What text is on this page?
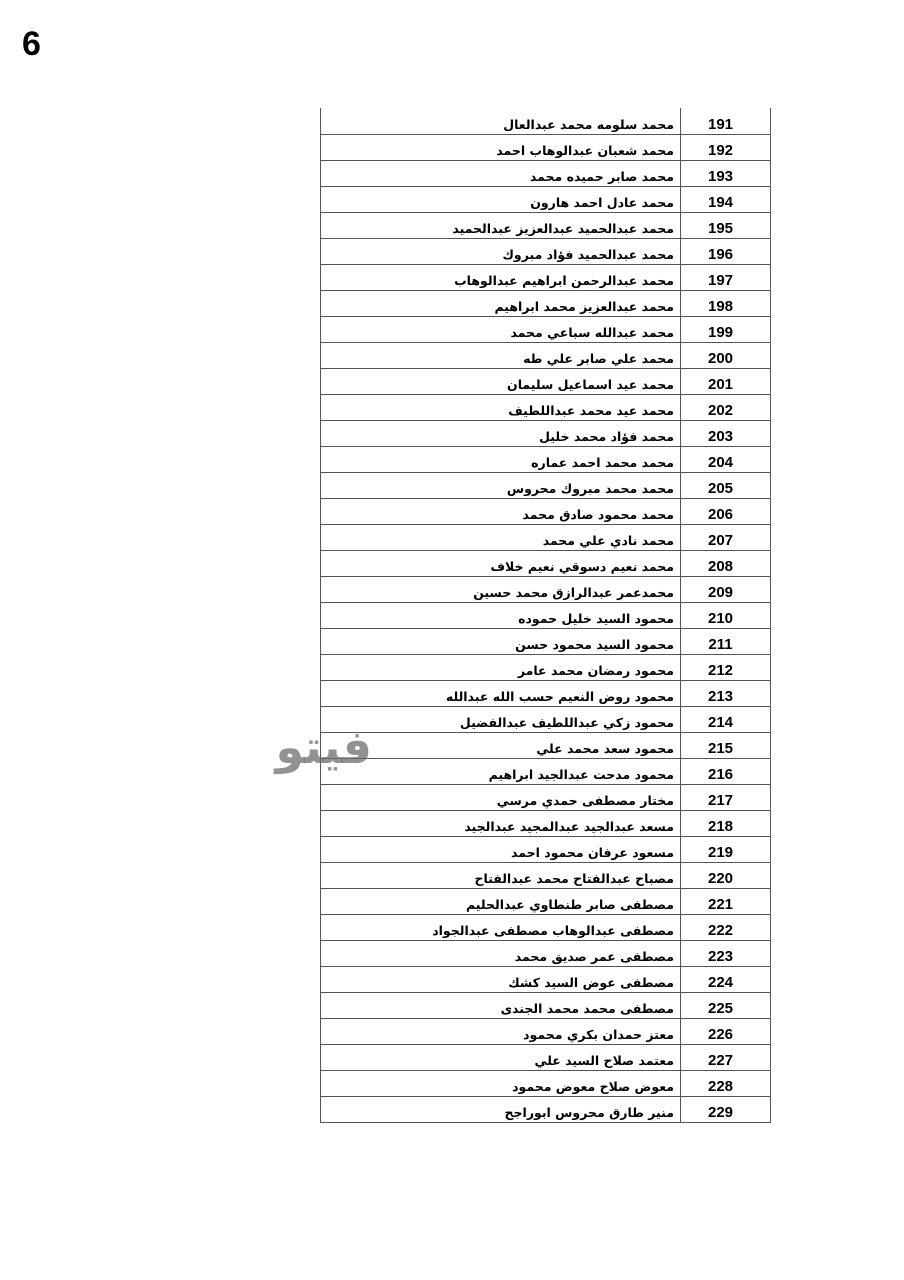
6
محمد سلومه محمد عبدالعال	191
محمد شعبان عبدالوهاب احمد	192
محمد صابر حميده محمد	193
محمد عادل احمد هارون	194
محمد عبدالحميد عبدالعزيز عبدالحميد	195
محمد عبدالحميد فؤاد مبروك	196
محمد عبدالرحمن ابراهيم عبدالوهاب	197
محمد عبدالعزيز محمد ابراهيم	198
محمد عبدالله سباعي محمد	199
محمد علي صابر علي طه	200
محمد عيد اسماعيل سليمان	201
محمد عيد محمد عبداللطيف	202
محمد فؤاد محمد خليل	203
محمد محمد احمد عماره	204
محمد محمد مبروك محروس	205
محمد محمود صادق محمد	206
محمد نادي علي محمد	207
محمد نعيم دسوقي نعيم خلاف	208
محمدعمر عبدالرازق محمد حسين	209
محمود السيد خليل حموده	210
محمود السيد محمود حسن	211
محمود رمضان محمد عامر	212
محمود روض النعيم حسب الله عبدالله	213
محمود زكي عبداللطيف عبدالفضيل	214
محمود سعد محمد علي	215
محمود مدحت عبدالجيد ابراهيم	216
مختار مصطفى حمدي مرسي	217
مسعد عبدالجيد عبدالمجيد عبدالجيد	218
مسعود عرفان محمود احمد	219
مصباح عبدالفتاح محمد عبدالفتاح	220
مصطفى صابر طنطاوي عبدالحليم	221
مصطفى عبدالوهاب مصطفى عبدالجواد	222
مصطفى عمر صديق محمد	223
مصطفى عوض السيد كشك	224
مصطفى محمد محمد الجندى	225
معتز حمدان بكري محمود	226
معتمد صلاح السيد علي	227
معوض صلاح معوض محمود	228
منير طارق محروس ابوراجح	229
فيتو
